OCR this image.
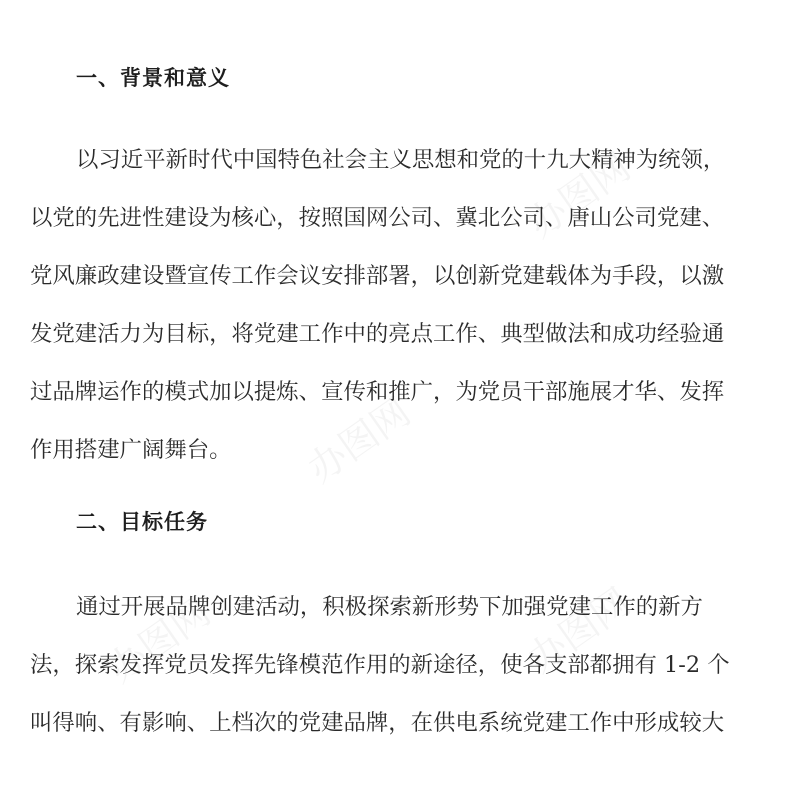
办图网
办图网
办图网	办图网
一、背景和意义
以习近平新时代中国特色社会主义思想和党的十九大精神为统领，
以党的先进性建设为核心，按照国网公司、冀北公司、唐山公司党建、
党风廉政建设暨宣传工作会议安排部署，以创新党建载体为手段，以激
发党建活力为目标，将党建工作中的亮点工作、典型做法和成功经验通
过品牌运作的模式加以提炼、宣传和推广，为党员干部施展才华、发挥
作用搭建广阔舞台。
二、目标任务
通过开展品牌创建活动，积极探索新形势下加强党建工作的新方
法，探索发挥党员发挥先锋模范作用的新途径，使各支部都拥有 1-2 个
叫得响、有影响、上档次的党建品牌，在供电系统党建工作中形成较大
